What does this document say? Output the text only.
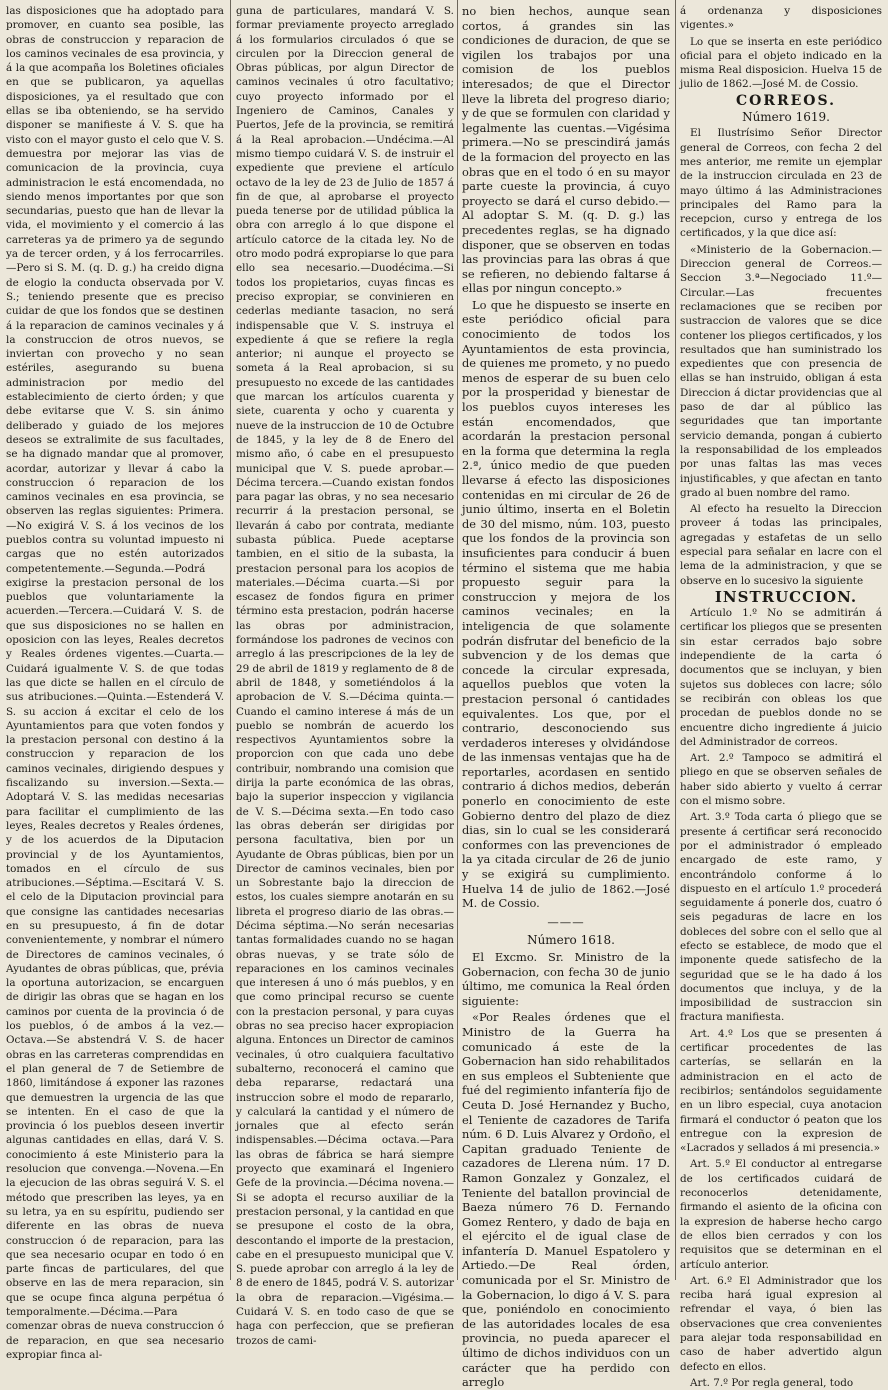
las disposiciones que ha adoptado para promover, en cuanto sea posible, las obras de construccion y reparacion de los caminos vecinales de esa provincia, y á la que acompaña los Boletines oficiales en que se publicaron, ya aquellas disposiciones, ya el resultado que con ellas se iba obteniendo, se ha servido disponer se manifieste á V. S. que ha visto con el mayor gusto el celo que V. S. demuestra por mejorar las vias de comunicacion de la provincia, cuya administracion le está encomendada, no siendo menos importantes por que son secundarias, puesto que han de llevar la vida, el movimiento y el comercio á las carreteras ya de primero ya de segundo ya de tercer orden, y á los ferrocarriles.—Pero si S. M. (q. D. g.) ha creido digna de elogio la conducta observada por V. S.; teniendo presente que es preciso cuidar de que los fondos que se destinen á la reparacion de caminos vecinales y á la construccion de otros nuevos, se inviertan con provecho y no sean estériles, asegurando su buena administracion por medio del establecimiento de cierto órden; y que debe evitarse que V. S. sin ánimo deliberado y guiado de los mejores deseos se extralimite de sus facultades, se ha dignado mandar que al promover, acordar, autorizar y llevar á cabo la construccion ó reparacion de los caminos vecinales en esa provincia, se observen las reglas siguientes: Primera.—No exigirá V. S. á los vecinos de los pueblos contra su voluntad impuesto ni cargas que no estén autorizados competentemente.—Segunda.—Podrá exigirse la prestacion personal de los pueblos que voluntariamente la acuerden.—Tercera.—Cuidará V. S. de que sus disposiciones no se hallen en oposicion con las leyes, Reales decretos y Reales órdenes vigentes.—Cuarta.—Cuidará igualmente V. S. de que todas las que dicte se hallen en el círculo de sus atribuciones.—Quinta.—Estenderá V. S. su accion á excitar el celo de los Ayuntamientos para que voten fondos y la prestacion personal con destino á la construccion y reparacion de los caminos vecinales, dirigiendo despues y fiscalizando su inversion.—Sexta.—Adoptará V. S. las medidas necesarias para facilitar el cumplimiento de las leyes, Reales decretos y Reales órdenes, y de los acuerdos de la Diputacion provincial y de los Ayuntamientos, tomados en el círculo de sus atribuciones.—Séptima.—Escitará V. S. el celo de la Diputacion provincial para que consigne las cantidades necesarias en su presupuesto, á fin de dotar convenientemente, y nombrar el número de Directores de caminos vecinales, ó Ayudantes de obras públicas, que, prévia la oportuna autorizacion, se encarguen de dirigir las obras que se hagan en los caminos por cuenta de la provincia ó de los pueblos, ó de ambos á la vez.—Octava.—Se abstendrá V. S. de hacer obras en las carreteras comprendidas en el plan general de 7 de Setiembre de 1860, limitándose á exponer las razones que demuestren la urgencia de las que se intenten. En el caso de que la provincia ó los pueblos deseen invertir algunas cantidades en ellas, dará V. S. conocimiento á este Ministerio para la resolucion que convenga.—Novena.—En la ejecucion de las obras seguirá V. S. el método que prescriben las leyes, ya en su letra, ya en su espíritu, pudiendo ser diferente en las obras de nueva construccion ó de reparacion, para las que sea necesario ocupar en todo ó en parte fincas de particulares, del que observe en las de mera reparacion, sin que se ocupe finca alguna perpétua ó temporalmente.—Décima.—Para comenzar obras de nueva construccion ó de reparacion, en que sea necesario expropiar finca al-

guna de particulares, mandará V. S. formar previamente proyecto arreglado á los formularios circulados ó que se circulen por la Direccion general de Obras públicas, por algun Director de caminos vecinales ú otro facultativo; cuyo proyecto informado por el Ingeniero de Caminos, Canales y Puertos, Jefe de la provincia, se remitirá á la Real aprobacion.—Undécima.—Al mismo tiempo cuidará V. S. de instruir el expediente que previene el artículo octavo de la ley de 23 de Julio de 1857 á fin de que, al aprobarse el proyecto pueda tenerse por de utilidad pública la obra con arreglo á lo que dispone el artículo catorce de la citada ley. No de otro modo podrá expropiarse lo que para ello sea necesario.—Duodécima.—Si todos los propietarios, cuyas fincas es preciso expropiar, se convinieren en cederlas mediante tasacion, no será indispensable que V. S. instruya el expediente á que se refiere la regla anterior; ni aunque el proyecto se someta á la Real aprobacion, si su presupuesto no excede de las cantidades que marcan los artículos cuarenta y siete, cuarenta y ocho y cuarenta y nueve de la instruccion de 10 de Octubre de 1845, y la ley de 8 de Enero del mismo año, ó cabe en el presupuesto municipal que V. S. puede aprobar.—Décima tercera.—Cuando existan fondos para pagar las obras, y no sea necesario recurrir á la prestacion personal, se llevarán á cabo por contrata, mediante subasta pública. Puede aceptarse tambien, en el sitio de la subasta, la prestacion personal para los acopios de materiales.—Décima cuarta.—Si por escasez de fondos figura en primer término esta prestacion, podrán hacerse las obras por administracion, formándose los padrones de vecinos con arreglo á las prescripciones de la ley de 29 de abril de 1819 y reglamento de 8 de abril de 1848, y sometiéndolos á la aprobacion de V. S.—Décima quinta.—Cuando el camino interese á más de un pueblo se nombrán de acuerdo los respectivos Ayuntamientos sobre la proporcion con que cada uno debe contribuir, nombrando una comision que dirija la parte económica de las obras, bajo la superior inspeccion y vigilancia de V. S.—Décima sexta.—En todo caso las obras deberán ser dirigidas por persona facultativa, bien por un Ayudante de Obras públicas, bien por un Director de caminos vecinales, bien por un Sobrestante bajo la direccion de estos, los cuales siempre anotarán en su libreta el progreso diario de las obras.—Décima séptima.—No serán necesarias tantas formalidades cuando no se hagan obras nuevas, y se trate sólo de reparaciones en los caminos vecinales que interesen á uno ó más pueblos, y en que como principal recurso se cuente con la prestacion personal, y para cuyas obras no sea preciso hacer expropiacion alguna. Entonces un Director de caminos vecinales, ú otro cualquiera facultativo subalterno, reconocerá el camino que deba repararse, redactará una instruccion sobre el modo de repararlo, y calculará la cantidad y el número de jornales que al efecto serán indispensables.—Décima octava.—Para las obras de fábrica se hará siempre proyecto que examinará el Ingeniero Gefe de la provincia.—Décima novena.—Si se adopta el recurso auxiliar de la prestacion personal, y la cantidad en que se presupone el costo de la obra, descontando el importe de la prestacion, cabe en el presupuesto municipal que V. S. puede aprobar con arreglo á la ley de 8 de enero de 1845, podrá V. S. autorizar la obra de reparacion.—Vigésima.—Cuidará V. S. en todo caso de que se haga con perfeccion, que se prefieran trozos de cami-

no bien hechos, aunque sean cortos, á grandes sin las condiciones de duracion, de que se vigilen los trabajos por una comision de los pueblos interesados; de que el Director lleve la libreta del progreso diario; y de que se formulen con claridad y legalmente las cuentas.—Vigésima primera.—No se prescindirá jamás de la formacion del proyecto en las obras que en el todo ó en su mayor parte cueste la provincia, á cuyo proyecto se dará el curso debido.—Al adoptar S. M. (q. D. g.) las precedentes reglas, se ha dignado disponer, que se observen en todas las provincias para las obras á que se refieren, no debiendo faltarse á ellas por ningun concepto.»

Lo que he dispuesto se inserte en este periódico oficial para conocimiento de todos los Ayuntamientos de esta provincia, de quienes me prometo, y no puedo menos de esperar de su buen celo por la prosperidad y bienestar de los pueblos cuyos intereses les están encomendados, que acordarán la prestacion personal en la forma que determina la regla 2.ª, único medio de que pueden llevarse á efecto las disposiciones contenidas en mi circular de 26 de junio último, inserta en el Boletin de 30 del mismo, núm. 103, puesto que los fondos de la provincia son insuficientes para conducir á buen término el sistema que me habia propuesto seguir para la construccion y mejora de los caminos vecinales; en la inteligencia de que solamente podrán disfrutar del beneficio de la subvencion y de los demas que concede la circular expresada, aquellos pueblos que voten la prestacion personal ó cantidades equivalentes. Los que, por el contrario, desconociendo sus verdaderos intereses y olvidándose de las inmensas ventajas que ha de reportarles, acordasen en sentido contrario á dichos medios, deberán ponerlo en conocimiento de este Gobierno dentro del plazo de diez dias, sin lo cual se les considerará conformes con las prevenciones de la ya citada circular de 26 de junio y se exigirá su cumplimiento. Huelva 14 de julio de 1862.—José M. de Cossio.

———

Número 1618.

El Excmo. Sr. Ministro de la Gobernacion, con fecha 30 de junio último, me comunica la Real órden siguiente:

«Por Reales órdenes que el Ministro de la Guerra ha comunicado á este de la Gobernacion han sido rehabilitados en sus empleos el Subteniente que fué del regimiento infantería fijo de Ceuta D. José Hernandez y Bucho, el Teniente de cazadores de Tarifa núm. 6 D. Luis Alvarez y Ordoño, el Capitan graduado Teniente de cazadores de Llerena núm. 17 D. Ramon Gonzalez y Gonzalez, el Teniente del batallon provincial de Baeza número 76 D. Fernando Gomez Rentero, y dado de baja en el ejército el de igual clase de infantería D. Manuel Espatolero y Artiedo.—De Real órden, comunicada por el Sr. Ministro de la Gobernacion, lo digo á V. S. para que, poniéndolo en conocimiento de las autoridades locales de esa provincia, no pueda aparecer el último de dichos individuos con un carácter que ha perdido con arreglo

á ordenanza y disposiciones vigentes.»

Lo que se inserta en este periódico oficial para el objeto indicado en la misma Real disposicion. Huelva 15 de julio de 1862.—José M. de Cossio.

CORREOS.

Número 1619.

El Ilustrísimo Señor Director general de Correos, con fecha 2 del mes anterior, me remite un ejemplar de la instruccion circulada en 23 de mayo último á las Administraciones principales del Ramo para la recepcion, curso y entrega de los certificados, y la que dice así:

«Ministerio de la Gobernacion.—Direccion general de Correos.—Seccion 3.ª—Negociado 11.º—Circular.—Las frecuentes reclamaciones que se reciben por sustraccion de valores que se dice contener los pliegos certificados, y los resultados que han suministrado los expedientes que con presencia de ellas se han instruido, obligan á esta Direccion á dictar providencias que al paso de dar al público las seguridades que tan importante servicio demanda, pongan á cubierto la responsabilidad de los empleados por unas faltas las mas veces injustificables, y que afectan en tanto grado al buen nombre del ramo.

Al efecto ha resuelto la Direccion proveer á todas las principales, agregadas y estafetas de un sello especial para señalar en lacre con el lema de la administracion, y que se observe en lo sucesivo la siguiente

INSTRUCCION.

Artículo 1.º No se admitirán á certificar los pliegos que se presenten sin estar cerrados bajo sobre independiente de la carta ó documentos que se incluyan, y bien sujetos sus dobleces con lacre; sólo se recibirán con obleas los que procedan de pueblos donde no se encuentre dicho ingrediente á juicio del Administrador de correos.

Art. 2.º Tampoco se admitirá el pliego en que se observen señales de haber sido abierto y vuelto á cerrar con el mismo sobre.

Art. 3.º Toda carta ó pliego que se presente á certificar será reconocido por el administrador ó empleado encargado de este ramo, y encontrándolo conforme á lo dispuesto en el artículo 1.º procederá seguidamente á ponerle dos, cuatro ó seis pegaduras de lacre en los dobleces del sobre con el sello que al efecto se establece, de modo que el imponente quede satisfecho de la seguridad que se le ha dado á los documentos que incluya, y de la imposibilidad de sustraccion sin fractura manifiesta.

Art. 4.º Los que se presenten á certificar procedentes de las carterías, se sellarán en la administracion en el acto de recibirlos; sentándolos seguidamente en un libro especial, cuya anotacion firmará el conductor ó peaton que los entregue con la expresion de «Lacrados y sellados á mi presencia.»

Art. 5.º El conductor al entregarse de los certificados cuidará de reconocerlos detenidamente, firmando el asiento de la oficina con la expresion de haberse hecho cargo de ellos bien cerrados y con los requisitos que se determinan en el artículo anterior.

Art. 6.º El Administrador que los reciba hará igual expresion al refrendar el vaya, ó bien las observaciones que crea convenientes para alejar toda responsabilidad en caso de haber advertido algun defecto en ellos.

Art. 7.º Por regla general, todo
